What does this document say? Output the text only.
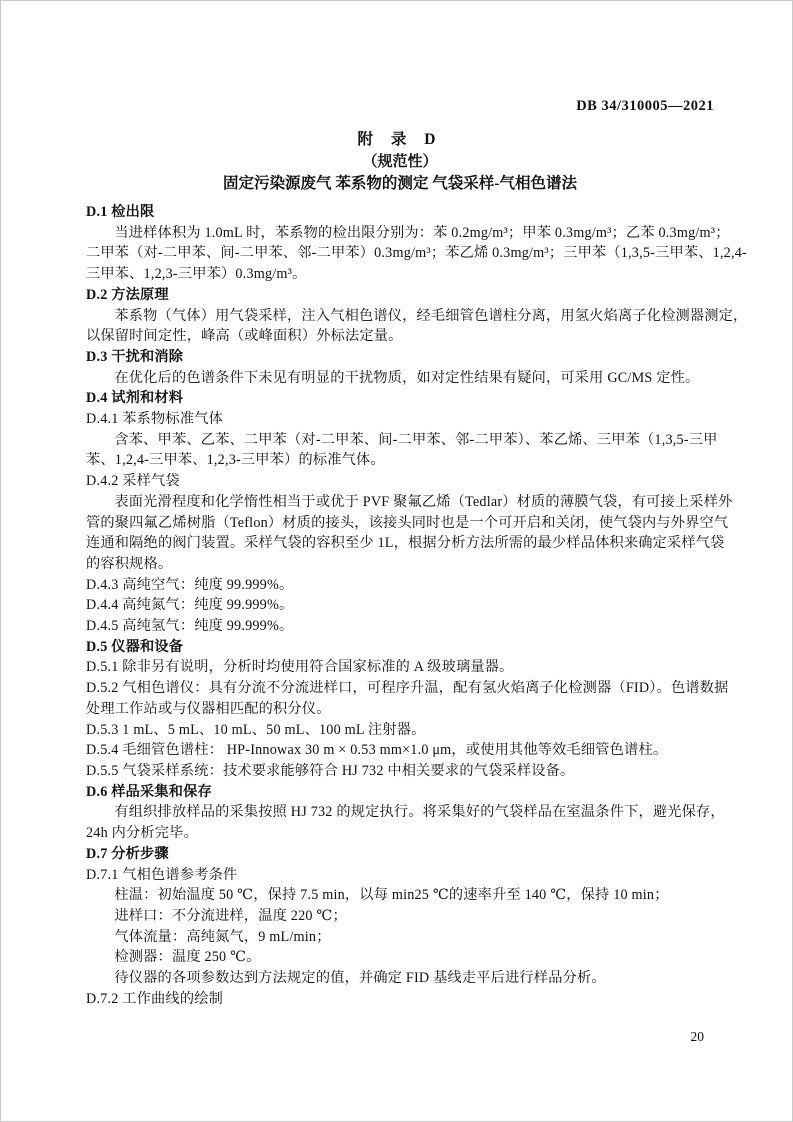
DB 34/310005—2021
附 录 D
（规范性）
固定污染源废气 苯系物的测定 气袋采样-气相色谱法
D.1 检出限
当进样体积为 1.0mL 时，苯系物的检出限分别为：苯 0.2mg/m³；甲苯 0.3mg/m³；乙苯 0.3mg/m³；
二甲苯（对-二甲苯、间-二甲苯、邻-二甲苯）0.3mg/m³；苯乙烯 0.3mg/m³；三甲苯（1,3,5-三甲苯、1,2,4-
三甲苯、1,2,3-三甲苯）0.3mg/m³。
D.2 方法原理
苯系物（气体）用气袋采样，注入气相色谱仪，经毛细管色谱柱分离，用氢火焰离子化检测器测定，
以保留时间定性，峰高（或峰面积）外标法定量。
D.3 干扰和消除
在优化后的色谱条件下未见有明显的干扰物质，如对定性结果有疑问，可采用 GC/MS 定性。
D.4 试剂和材料
D.4.1 苯系物标准气体
含苯、甲苯、乙苯、二甲苯（对-二甲苯、间-二甲苯、邻-二甲苯）、苯乙烯、三甲苯（1,3,5-三甲
苯、1,2,4-三甲苯、1,2,3-三甲苯）的标准气体。
D.4.2 采样气袋
表面光滑程度和化学惰性相当于或优于 PVF 聚氟乙烯（Tedlar）材质的薄膜气袋，有可接上采样外
管的聚四氟乙烯树脂（Teflon）材质的接头，该接头同时也是一个可开启和关闭，使气袋内与外界空气
连通和隔绝的阀门装置。采样气袋的容积至少 1L，根据分析方法所需的最少样品体积来确定采样气袋
的容积规格。
D.4.3 高纯空气：纯度 99.999%。
D.4.4 高纯氮气：纯度 99.999%。
D.4.5 高纯氢气：纯度 99.999%。
D.5 仪器和设备
D.5.1 除非另有说明，分析时均使用符合国家标准的 A 级玻璃量器。
D.5.2 气相色谱仪：具有分流不分流进样口，可程序升温，配有氢火焰离子化检测器（FID）。色谱数据
处理工作站或与仪器相匹配的积分仪。
D.5.3 1 mL、5 mL、10 mL、50 mL、100 mL 注射器。
D.5.4 毛细管色谱柱： HP-Innowax 30 m × 0.53 mm×1.0 μm，或使用其他等效毛细管色谱柱。
D.5.5 气袋采样系统：技术要求能够符合 HJ 732 中相关要求的气袋采样设备。
D.6 样品采集和保存
有组织排放样品的采集按照 HJ 732 的规定执行。将采集好的气袋样品在室温条件下，避光保存，
24h 内分析完毕。
D.7 分析步骤
D.7.1 气相色谱参考条件
柱温：初始温度 50 ℃，保持 7.5 min，以每 min25 ℃的速率升至 140 ℃，保持 10 min；
进样口：不分流进样，温度 220 ℃；
气体流量：高纯氮气，9 mL/min；
检测器：温度 250 ℃。
待仪器的各项参数达到方法规定的值，并确定 FID 基线走平后进行样品分析。
D.7.2 工作曲线的绘制
20
